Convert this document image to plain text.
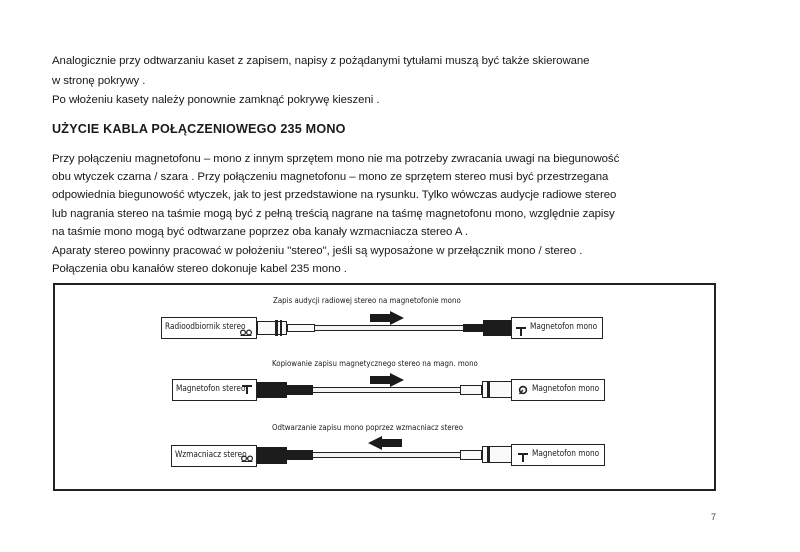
Analogicznie przy odtwarzaniu kaset z zapisem, napisy z pożądanymi tytułami muszą być także skierowane
w stronę pokrywy .
Po włożeniu kasety należy ponownie zamknąć pokrywę kieszeni .
UŻYCIE KABLA POŁĄCZENIOWEGO 235 MONO
Przy połączeniu magnetofonu – mono z innym sprzętem mono nie ma potrzeby zwracania uwagi na biegunowość
obu wtyczek czarna / szara . Przy połączeniu magnetofonu – mono ze sprzętem stereo musi być przestrzegana
odpowiednia biegunowość wtyczek, jak to jest przedstawione na rysunku. Tylko wówczas audycje radiowe stereo
lub nagrania stereo na taśmie mogą być z pełną treścią nagrane na taśmę magnetofonu mono, względnie zapisy
na taśmie mono mogą być odtwarzane poprzez oba kanały wzmacniacza stereo A .
Aparaty stereo powinny pracować w położeniu "stereo", jeśli są wyposażone w przełącznik mono / stereo .
Połączenia obu kanałów stereo dokonuje kabel 235 mono .
Zapis audycji radiowej stereo na magnetofonie mono
Radioodbiornik stereo	Magnetofon mono
Kopiowanie zapisu magnetycznego stereo na magn. mono
Magnetofon stereo	Magnetofon mono
Odtwarzanie zapisu mono poprzez wzmacniacz stereo
Wzmacniacz stereo	Magnetofon mono
7
